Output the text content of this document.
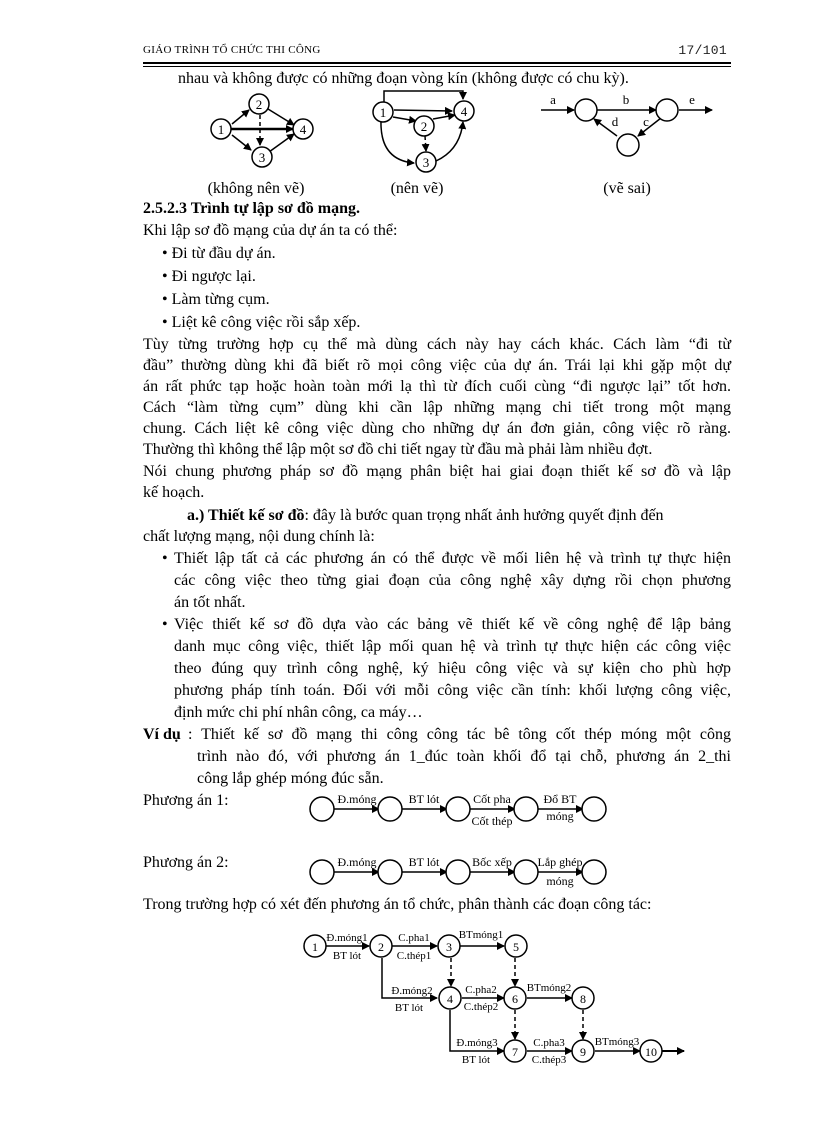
GIÁO TRÌNH TỔ CHỨC THI CÔNG	17/101
nhau và không được có những đoạn vòng kín (không được có chu kỳ).
1
2
3
4
1
2
3
4
a	b	e
d c
(không nên vẽ)	(nên vẽ)	(vẽ sai)
2.5.2.3 Trình tự lập sơ đồ mạng.
Khi lập sơ đồ mạng của dự án ta có thể:
• Đi từ đầu dự án.
• Đi ngược lại.
• Làm từng cụm.
• Liệt kê công việc rồi sắp xếp.
Tùy từng trường hợp cụ thể mà dùng cách này hay cách khác. Cách làm “đi từ
đầu” thường dùng khi đã biết rõ mọi công việc của dự án. Trái lại khi gặp một dự
án rất phức tạp hoặc hoàn toàn mới lạ thì từ đích cuối cùng “đi ngược lại” tốt hơn.
Cách “làm từng cụm” dùng khi cần lập những mạng chi tiết trong một mạng
chung. Cách liệt kê công việc dùng cho những dự án đơn giản, công việc rõ ràng.
Thường thì không thể lập một sơ đồ chi tiết ngay từ đầu mà phải làm nhiều đợt.
Nói chung phương pháp sơ đồ mạng phân biệt hai giai đoạn thiết kế sơ đồ và lập
kế hoạch.
a.) Thiết kế sơ đồ: đây là bước quan trọng nhất ảnh hưởng quyết định đến
chất lượng mạng, nội dung chính là:
• Thiết lập tất cả các phương án có thể được về mối liên hệ và trình tự thực hiện
các công việc theo từng giai đoạn của công nghệ xây dựng rồi chọn phương
án tốt nhất.
• Việc thiết kế sơ đồ dựa vào các bảng vẽ thiết kế về công nghệ để lập bảng
danh mục công việc, thiết lập mối quan hệ và trình tự thực hiện các công việc
theo đúng quy trình công nghệ, ký hiệu công việc và sự kiện cho phù hợp
phương pháp tính toán. Đối với mỗi công việc cần tính: khối lượng công việc,
định mức chi phí nhân công, ca máy…
Ví dụ : Thiết kế sơ đồ mạng thi công công tác bê tông cốt thép móng một công
trình nào đó, với phương án 1_đúc toàn khối đổ tại chỗ, phương án 2_thi
công lắp ghép móng đúc sẵn.
Phương án 1:
Phương án 2:
Trong trường hợp có xét đến phương án tổ chức, phân thành các đoạn công tác:
Đ.móng	BT lót	Cốt pha
Cốt thép
Đổ BT
móng
Đ.móng	BT lót	Bốc xếp Lắp ghép
móng
1	2	3	5
4	6	8
7	9	10
Đ.móng1
BT lót
C.pha1
C.thép1
BTmóng1
Đ.móng2
BT lót
C.pha2
C.thép2
BTmóng2
Đ.móng3
BT lót
C.pha3
C.thép3
BTmóng3
